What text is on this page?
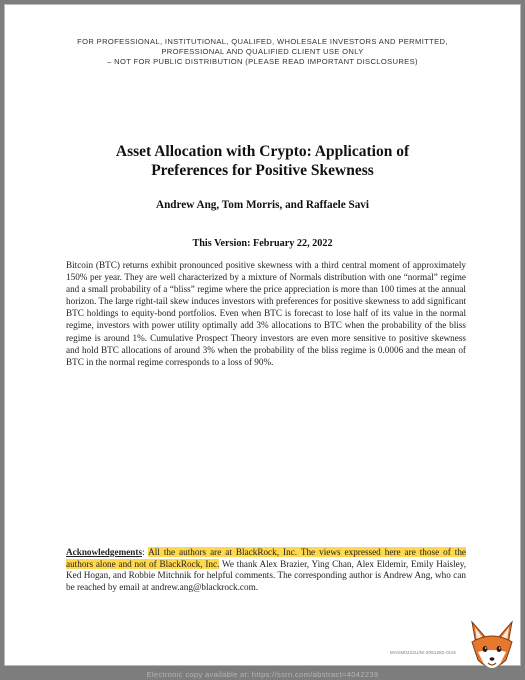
FOR PROFESSIONAL, INSTITUTIONAL, QUALIFED, WHOLESALE INVESTORS AND PERMITTED,
PROFESSIONAL AND QUALIFIED CLIENT USE ONLY
– NOT FOR PUBLIC DISTRIBUTION (PLEASE READ IMPORTANT DISCLOSURES)
Asset Allocation with Crypto: Application of
Preferences for Positive Skewness
Andrew Ang, Tom Morris, and Raffaele Savi
This Version: February 22, 2022
Bitcoin (BTC) returns exhibit pronounced positive skewness with a third central moment of approximately 150% per year. They are well characterized by a mixture of Normals distribution with one “normal” regime and a small probability of a “bliss” regime where the price appreciation is more than 100 times at the annual horizon. The large right-tail skew induces investors with preferences for positive skewness to add significant BTC holdings to equity-bond portfolios. Even when BTC is forecast to lose half of its value in the normal regime, investors with power utility optimally add 3% allocations to BTC when the probability of the bliss regime is around 1%. Cumulative Prospect Theory investors are even more sensitive to positive skewness and hold BTC allocations of around 3% when the probability of the bliss regime is 0.0006 and the mean of BTC in the normal regime corresponds to a loss of 90%.
Acknowledgements: All the authors are at BlackRock, Inc. The views expressed here are those of the authors alone and not of BlackRock, Inc. We thank Alex Brazier, Ying Chan, Alex Eldemir, Emily Haisley, Ked Hogan, and Robbie Mitchnik for helpful comments. The corresponding author is Andrew Ang, who can be reached by email at andrew.ang@blackrock.com.
MASM0222U/M-2051282-0/43
Electronic copy available at: https://ssrn.com/abstract=4042239
